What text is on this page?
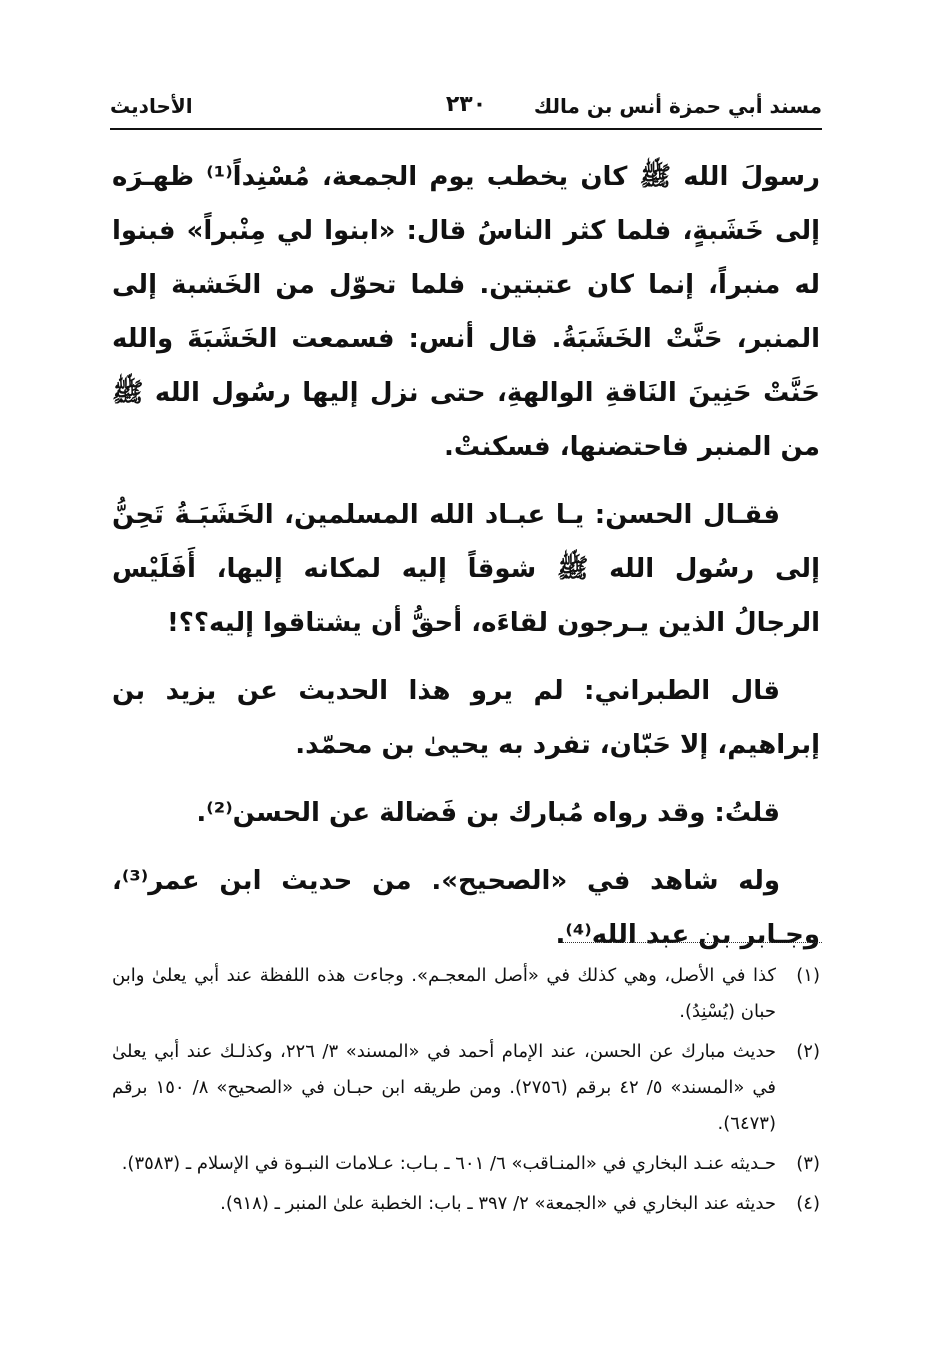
مسند أبي حمزة أنس بن مالك
٢٣٠
الأحاديث

رسولَ الله ﷺ كان يخطب يوم الجمعة، مُسْنِداً⁽¹⁾ ظهـرَه إلى خَشَبةٍ، فلما كثر الناسُ قال: «ابنوا لي مِنْبراً» فبنوا له منبراً، إنما كان عتبتين. فلما تحوّل من الخَشبة إلى المنبر، حَنَّتْ الخَشَبَةُ. قال أنس: فسمعت الخَشَبَةَ والله حَنَّتْ حَنِينَ النَاقةِ الوالهةِ، حتى نزل إليها رسُول الله ﷺ من المنبر فاحتضنها، فسكنتْ.

فقـال الحسن: يـا عبـاد الله المسلمين، الخَشَبَـةُ تَحِنُّ إلى رسُول الله ﷺ شوقاً إليه لمكانه إليها، أَفَلَيْس الرجالُ الذين يـرجون لقاءَه، أحقُّ أن يشتاقوا إليه؟؟!

قال الطبراني: لم يرو هذا الحديث عن يزيد بن إبراهيم، إلا حَبّان، تفرد به يحيىٰ بن محمّد.

قلتُ: وقد رواه مُبارك بن فَضالة عن الحسن⁽²⁾.

وله شاهد في «الصحيح». من حديث ابن عمر⁽³⁾، وجـابر بن عبد الله⁽⁴⁾.

(١)
كذا في الأصل، وهي كذلك في «أصل المعجـم». وجاءت هذه اللفظة عند أبي يعلىٰ وابن حبان (يُسْنِدُ).
(٢)
حديث مبارك عن الحسن، عند الإمام أحمد في «المسند» ٣/ ٢٢٦، وكذلـك عند أبي يعلىٰ في «المسند» ٥/ ٤٢ برقم (٢٧٥٦). ومن طريقه ابن حبـان في «الصحيح» ٨/ ١٥٠ برقم (٦٤٧٣).
(٣)
حـديثه عنـد البخاري في «المنـاقب» ٦/ ٦٠١ ـ بـاب: عـلامات النبـوة في الإسلام ـ (٣٥٨٣).
(٤)
حديثه عند البخاري في «الجمعة» ٢/ ٣٩٧ ـ باب: الخطبة علىٰ المنبر ـ (٩١٨).
